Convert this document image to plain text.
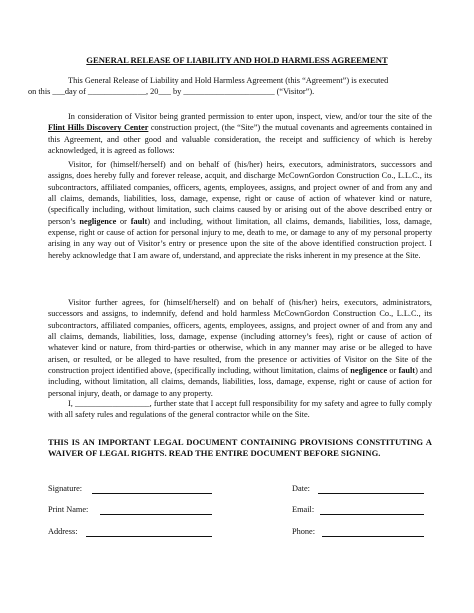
GENERAL RELEASE OF LIABILITY AND HOLD HARMLESS AGREEMENT

This General Release of Liability and Hold Harmless Agreement (this “Agreement”) is executed
on this ___day of ______________, 20___ by ______________________ (“Visitor”).

In consideration of Visitor being granted permission to enter upon, inspect, view, and/or tour the site of the Flint Hills Discovery Center construction project, (the “Site”) the mutual covenants and agreements contained in this Agreement, and other good and valuable consideration, the receipt and sufficiency of which is hereby acknowledged, it is agreed as follows:

Visitor, for (himself/herself) and on behalf of (his/her) heirs, executors, administrators, successors and assigns, does hereby fully and forever release, acquit, and discharge McCownGordon Construction Co., L.L.C., its subcontractors, affiliated companies, officers, agents, employees, assigns, and project owner of and from any and all claims, demands, liabilities, loss, damage, expense, right or cause of action of whatever kind or nature, (specifically including, without limitation, such claims caused by or arising out of the above described entry or person’s negligence or fault) and including, without limitation, all claims, demands, liabilities, loss, damage, expense, right or cause of action for personal injury to me, death to me, or damage to any of my personal property arising in any way out of Visitor’s entry or presence upon the site of the above identified construction project. I hereby acknowledge that I am aware of, understand, and appreciate the risks inherent in my presence at the Site.

Visitor further agrees, for (himself/herself) and on behalf of (his/her) heirs, executors, administrators, successors and assigns, to indemnify, defend and hold harmless McCownGordon Construction Co., L.L.C., its subcontractors, affiliated companies, officers, agents, employees, assigns, and project owner of and from any and all claims, demands, liabilities, loss, damage, expense (including attorney’s fees), right or cause of action of whatever kind or nature, from third-parties or otherwise, which in any manner may arise or be alleged to have arisen, or resulted, or be alleged to have resulted, from the presence or activities of Visitor on the Site of the construction project identified above, (specifically including, without limitation, claims of negligence or fault) and including, without limitation, all claims, demands, liabilities, loss, damage, expense, right or cause of action for personal injury, death, or damage to any property.

I, __________________, further state that I accept full responsibility for my safety and agree to fully comply with all safety rules and regulations of the general contractor while on the Site.

THIS IS AN IMPORTANT LEGAL DOCUMENT CONTAINING PROVISIONS CONSTITUTING A WAIVER OF LEGAL RIGHTS. READ THE ENTIRE DOCUMENT BEFORE SIGNING.

Signature:	Date:
Print Name:	Email:
Address:	Phone:
